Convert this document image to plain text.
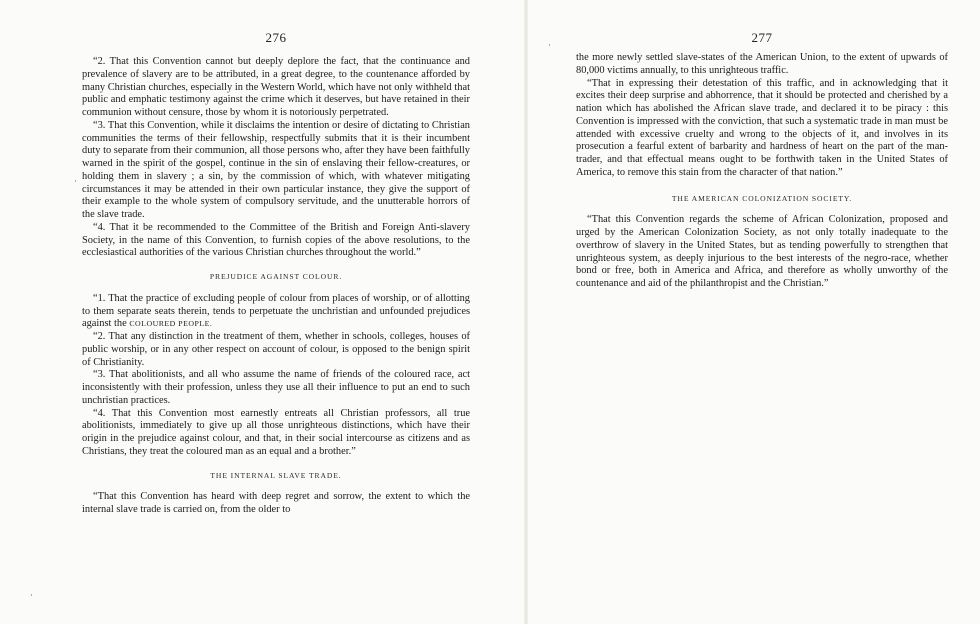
276

“2. That this Convention cannot but deeply deplore the fact, that the continuance and prevalence of slavery are to be attributed, in a great degree, to the countenance afforded by many Christian churches, especially in the Western World, which have not only withheld that public and emphatic testimony against the crime which it deserves, but have retained in their communion without censure, those by whom it is notoriously perpetrated.

“3. That this Convention, while it disclaims the intention or desire of dictating to Christian communities the terms of their fellowship, respectfully submits that it is their incumbent duty to separate from their communion, all those persons who, after they have been faithfully warned in the spirit of the gospel, continue in the sin of enslaving their fellow-creatures, or holding them in slavery ; a sin, by the commission of which, with whatever mitigating circumstances it may be attended in their own particular instance, they give the support of their example to the whole system of compulsory servitude, and the unutterable horrors of the slave trade.

“4. That it be recommended to the Committee of the British and Foreign Anti-slavery Society, in the name of this Convention, to furnish copies of the above resolutions, to the ecclesiastical authorities of the various Christian churches throughout the world.”

PREJUDICE AGAINST COLOUR.

“1. That the practice of excluding people of colour from places of worship, or of allotting to them separate seats therein, tends to perpetuate the unchristian and unfounded prejudices against the COLOURED PEOPLE.

“2. That any distinction in the treatment of them, whether in schools, colleges, houses of public worship, or in any other respect on account of colour, is opposed to the benign spirit of Christianity.

“3. That abolitionists, and all who assume the name of friends of the coloured race, act inconsistently with their profession, unless they use all their influence to put an end to such unchristian practices.

“4. That this Convention most earnestly entreats all Christian professors, all true abolitionists, immediately to give up all those unrighteous distinctions, which have their origin in the prejudice against colour, and that, in their social intercourse as citizens and as Christians, they treat the coloured man as an equal and a brother.”

THE INTERNAL SLAVE TRADE.

“That this Convention has heard with deep regret and sorrow, the extent to which the internal slave trade is carried on, from the older to

277

the more newly settled slave-states of the American Union, to the extent of upwards of 80,000 victims annually, to this unrighteous traffic.

“That in expressing their detestation of this traffic, and in acknowledging that it excites their deep surprise and abhorrence, that it should be protected and cherished by a nation which has abolished the African slave trade, and declared it to be piracy : this Convention is impressed with the conviction, that such a systematic trade in man must be attended with excessive cruelty and wrong to the objects of it, and involves in its prosecution a fearful extent of barbarity and hardness of heart on the part of the man-trader, and that effectual means ought to be forthwith taken in the United States of America, to remove this stain from the character of that nation.”

THE AMERICAN COLONIZATION SOCIETY.

“That this Convention regards the scheme of African Colonization, proposed and urged by the American Colonization Society, as not only totally inadequate to the overthrow of slavery in the United States, but as tending powerfully to strengthen that unrighteous system, as deeply injurious to the best interests of the negro-race, whether bond or free, both in America and Africa, and therefore as wholly unworthy of the countenance and aid of the philanthropist and the Christian.”

·
·
·
